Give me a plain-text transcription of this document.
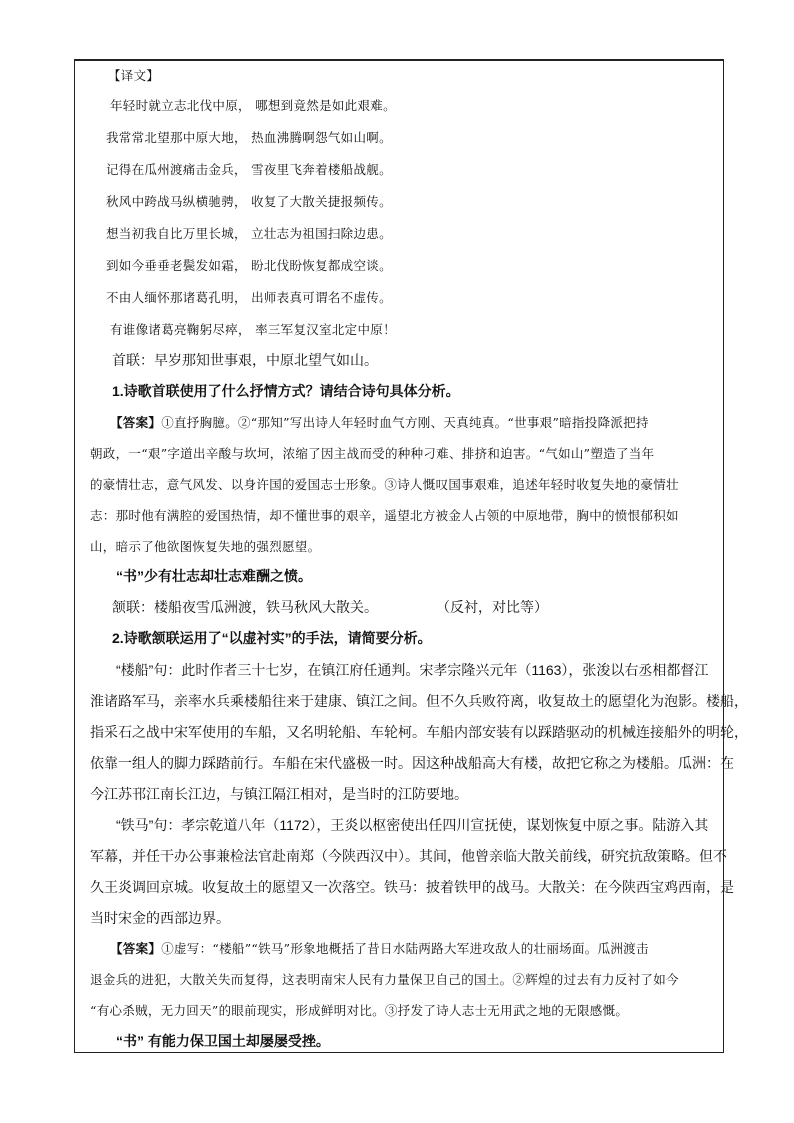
【译文】
年轻时就立志北伐中原， 哪想到竟然是如此艰难。
我常常北望那中原大地， 热血沸腾啊怨气如山啊。
记得在瓜州渡痛击金兵， 雪夜里飞奔着楼船战舰。
秋风中跨战马纵横驰骋， 收复了大散关捷报频传。
想当初我自比万里长城， 立壮志为祖国扫除边患。
到如今垂垂老鬓发如霜， 盼北伐盼恢复都成空谈。
不由人缅怀那诸葛孔明， 出师表真可谓名不虚传。
有谁像诸葛亮鞠躬尽瘁， 率三军复汉室北定中原！
首联：早岁那知世事艰，中原北望气如山。
1.诗歌首联使用了什么抒情方式？请结合诗句具体分析。
【答案】①直抒胸臆。②“那知”写出诗人年轻时血气方刚、天真纯真。“世事艰”暗指投降派把持
朝政，一“艰”字道出辛酸与坎坷，浓缩了因主战而受的种种刁难、排挤和迫害。“气如山”塑造了当年
的豪情壮志，意气风发、以身许国的爱国志士形象。③诗人慨叹国事艰难，追述年轻时收复失地的豪情壮
志：那时他有满腔的爱国热情，却不懂世事的艰辛，遥望北方被金人占领的中原地带，胸中的愤恨郁积如
山，暗示了他欲图恢复失地的强烈愿望。
“书”少有壮志却壮志难酬之愤。
颔联：楼船夜雪瓜洲渡，铁马秋风大散关。	（反衬，对比等）
2.诗歌颔联运用了“以虚衬实”的手法，请简要分析。
“楼船”句：此时作者三十七岁，在镇江府任通判。宋孝宗隆兴元年（1163），张浚以右丞相都督江
淮诸路军马，亲率水兵乘楼船往来于建康、镇江之间。但不久兵败符离，收复故土的愿望化为泡影。楼船，
指采石之战中宋军使用的车船，又名明轮船、车轮柯。车船内部安装有以踩踏驱动的机械连接船外的明轮，
依靠一组人的脚力踩踏前行。车船在宋代盛极一时。因这种战船高大有楼，故把它称之为楼船。瓜洲：在
今江苏邗江南长江边，与镇江隔江相对，是当时的江防要地。
“铁马”句：孝宗乾道八年（1172），王炎以枢密使出任四川宣抚使，谋划恢复中原之事。陆游入其
军幕，并任干办公事兼检法官赴南郑（今陕西汉中）。其间，他曾亲临大散关前线，研究抗敌策略。但不
久王炎调回京城。收复故土的愿望又一次落空。铁马：披着铁甲的战马。大散关：在今陕西宝鸡西南，是
当时宋金的西部边界。
【答案】①虚写：“楼船”“铁马”形象地概括了昔日水陆两路大军进攻敌人的壮丽场面。瓜洲渡击
退金兵的进犯，大散关失而复得，这表明南宋人民有力量保卫自己的国土。②辉煌的过去有力反衬了如今
“有心杀贼，无力回天”的眼前现实，形成鲜明对比。③抒发了诗人志士无用武之地的无限感慨。
“书” 有能力保卫国土却屡屡受挫。
